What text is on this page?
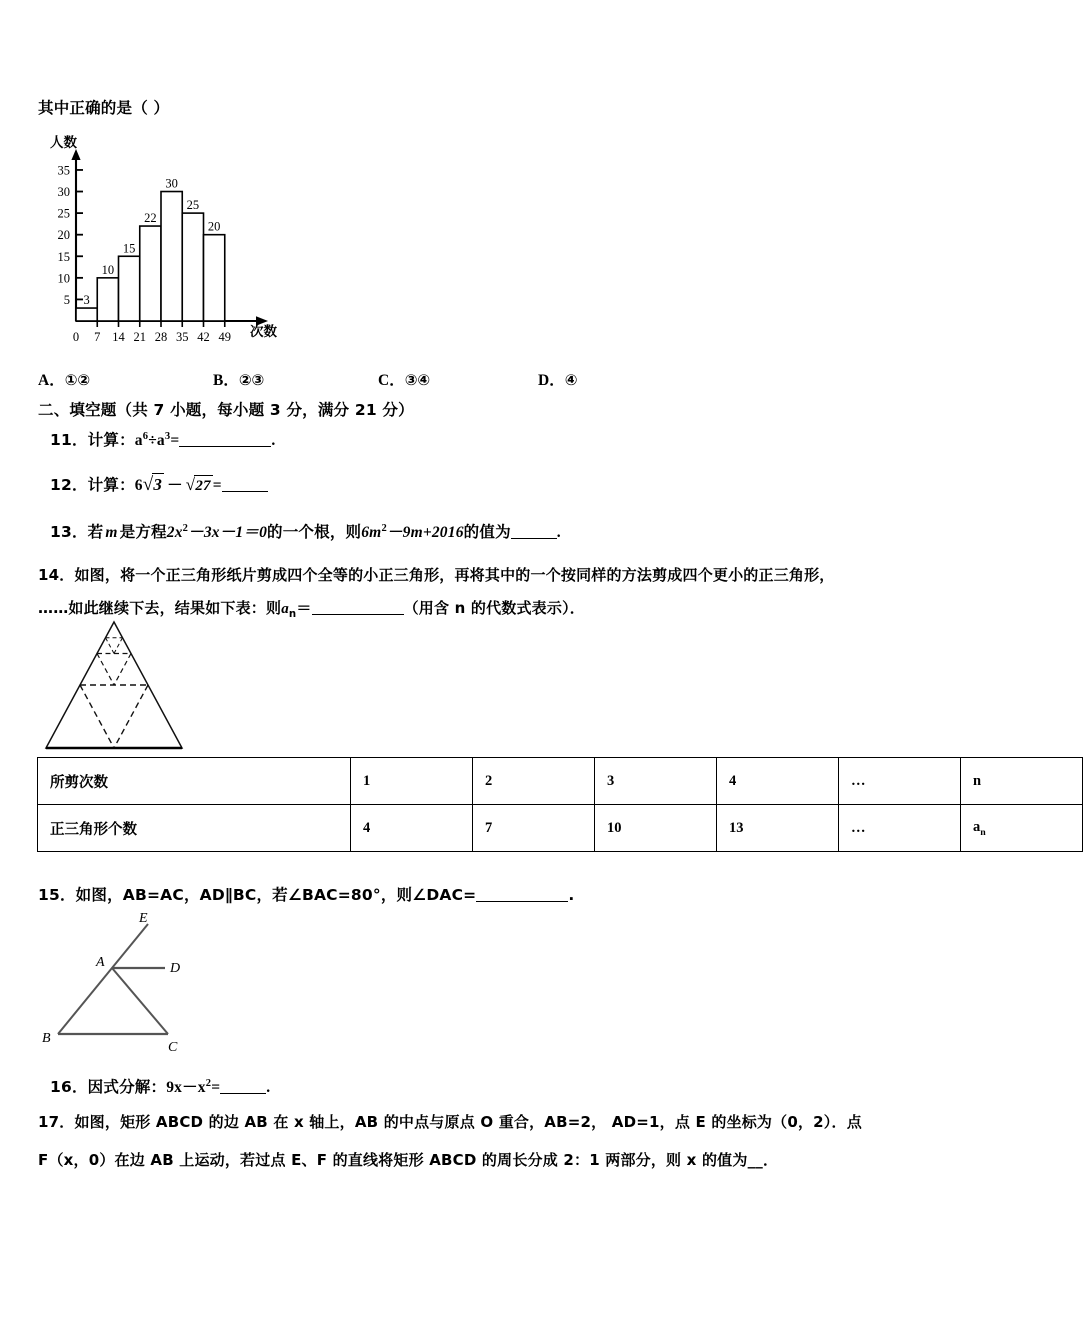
其中正确的是（ ）
人数
次数
5
10
15
20
25
30
35
0 7 14 21 28 35 42 49
3
10
15
22
30
25
20
A．①②	B．②③	C．③④	D．④
二、填空题（共 7 小题，每小题 3 分，满分 21 分）
11．计算：$a^6\div a^3=$	.
12．计算：6√3 － √27 =
13．若 m 是方程$2x^2-3x-1=0$的一个根，则$6m^2-9m+2016$的值为	.
14．如图，将一个正三角形纸片剪成四个全等的小正三角形，再将其中的一个按同样的方法剪成四个更小的正三角形，
……如此继续下去，结果如下表：则$a_n=$	（用含 n 的代数式表示）．
所剪次数	1	2	3	4	…	n
正三角形个数	4	7	10	13	…	$a_n$
15．如图，AB=AC，AD∥BC，若∠BAC=80°，则∠DAC=	.
E
A	D
B
C
16．因式分解：$9x-x^2=$	.
17．如图，矩形 ABCD 的边 AB 在 x 轴上，AB 的中点与原点 O 重合，AB=2， AD=1，点 E 的坐标为（0，2）．点
F（x，0）在边 AB 上运动，若过点 E、F 的直线将矩形 ABCD 的周长分成 2：1 两部分，则 x 的值为__．
